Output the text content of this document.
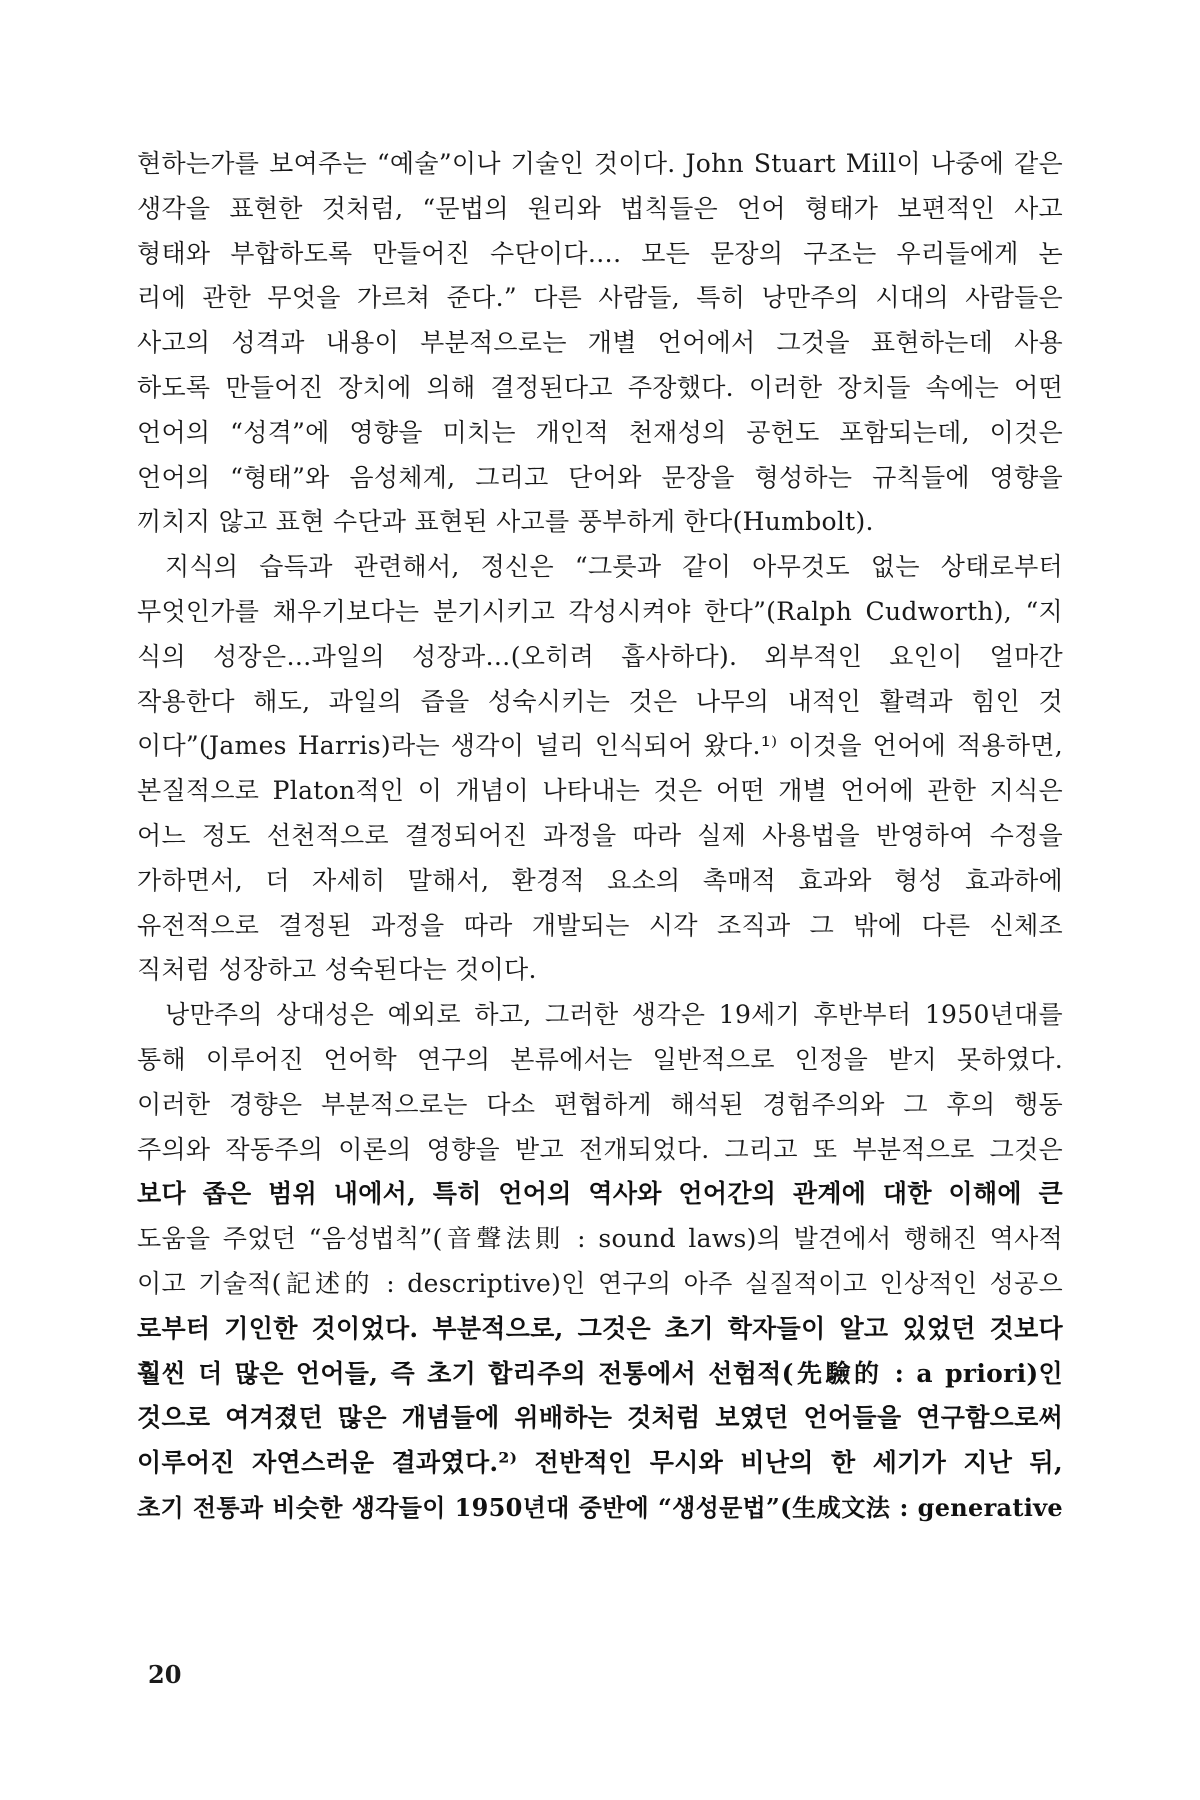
현하는가를 보여주는 “예술”이나 기술인 것이다. John Stuart Mill이 나중에 같은
생각을 표현한 것처럼, “문법의 원리와 법칙들은 언어 형태가 보편적인 사고
형태와 부합하도록 만들어진 수단이다…. 모든 문장의 구조는 우리들에게 논
리에 관한 무엇을 가르쳐 준다.” 다른 사람들, 특히 낭만주의 시대의 사람들은
사고의 성격과 내용이 부분적으로는 개별 언어에서 그것을 표현하는데 사용
하도록 만들어진 장치에 의해 결정된다고 주장했다. 이러한 장치들 속에는 어떤
언어의 “성격”에 영향을 미치는 개인적 천재성의 공헌도 포함되는데, 이것은
언어의 “형태”와 음성체계, 그리고 단어와 문장을 형성하는 규칙들에 영향을
끼치지 않고 표현 수단과 표현된 사고를 풍부하게 한다(Humbolt).
지식의 습득과 관련해서, 정신은 “그릇과 같이 아무것도 없는 상태로부터
무엇인가를 채우기보다는 분기시키고 각성시켜야 한다”(Ralph Cudworth), “지
식의 성장은…과일의 성장과…(오히려 흡사하다). 외부적인 요인이 얼마간
작용한다 해도, 과일의 즙을 성숙시키는 것은 나무의 내적인 활력과 힘인 것
이다”(James Harris)라는 생각이 널리 인식되어 왔다.¹⁾ 이것을 언어에 적용하면,
본질적으로 Platon적인 이 개념이 나타내는 것은 어떤 개별 언어에 관한 지식은
어느 정도 선천적으로 결정되어진 과정을 따라 실제 사용법을 반영하여 수정을
가하면서, 더 자세히 말해서, 환경적 요소의 촉매적 효과와 형성 효과하에
유전적으로 결정된 과정을 따라 개발되는 시각 조직과 그 밖에 다른 신체조
직처럼 성장하고 성숙된다는 것이다.
낭만주의 상대성은 예외로 하고, 그러한 생각은 19세기 후반부터 1950년대를
통해 이루어진 언어학 연구의 본류에서는 일반적으로 인정을 받지 못하였다.
이러한 경향은 부분적으로는 다소 편협하게 해석된 경험주의와 그 후의 행동
주의와 작동주의 이론의 영향을 받고 전개되었다. 그리고 또 부분적으로 그것은
보다 좁은 범위 내에서, 특히 언어의 역사와 언어간의 관계에 대한 이해에 큰
도움을 주었던 “음성법칙”(音聲法則 : sound laws)의 발견에서 행해진 역사적
이고 기술적(記述的 : descriptive)인 연구의 아주 실질적이고 인상적인 성공으
로부터 기인한 것이었다. 부분적으로, 그것은 초기 학자들이 알고 있었던 것보다
훨씬 더 많은 언어들, 즉 초기 합리주의 전통에서 선험적(先驗的 : a priori)인
것으로 여겨졌던 많은 개념들에 위배하는 것처럼 보였던 언어들을 연구함으로써
이루어진 자연스러운 결과였다.²⁾ 전반적인 무시와 비난의 한 세기가 지난 뒤,
초기 전통과 비슷한 생각들이 1950년대 중반에 “생성문법”(生成文法 : generative
20
